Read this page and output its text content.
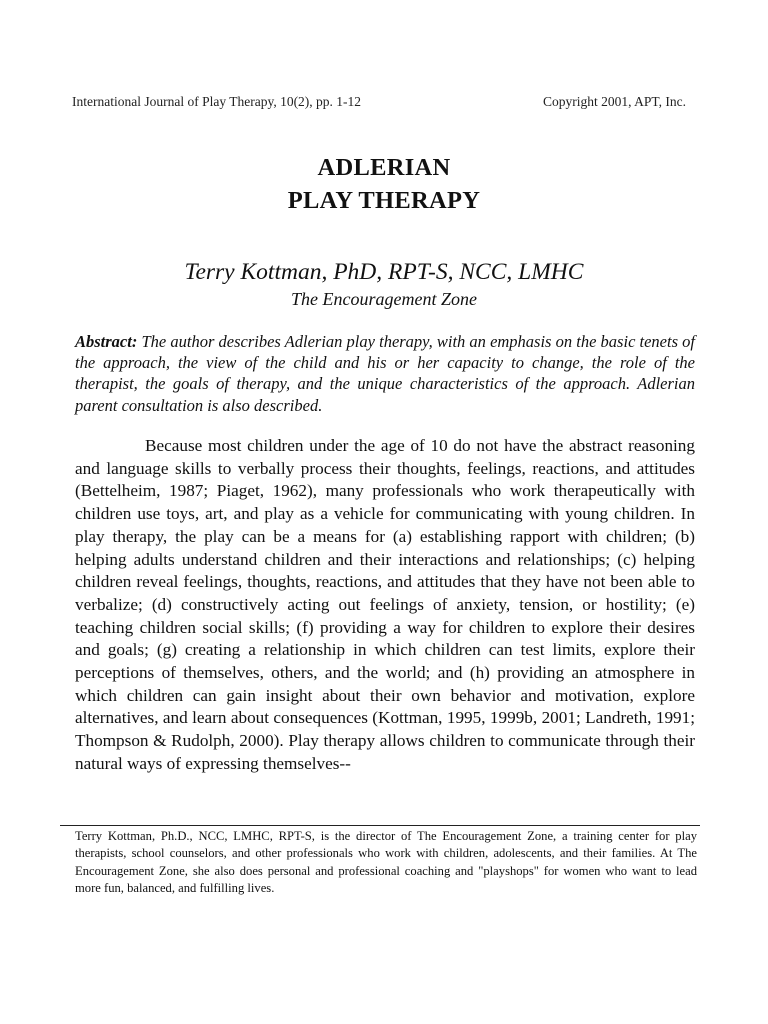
International Journal of Play Therapy, 10(2), pp. 1-12	Copyright 2001, APT, Inc.
ADLERIAN
PLAY THERAPY
Terry Kottman, PhD, RPT-S, NCC, LMHC
The Encouragement Zone

Abstract: The author describes Adlerian play therapy, with an emphasis on the basic tenets of the approach, the view of the child and his or her capacity to change, the role of the therapist, the goals of therapy, and the unique characteristics of the approach. Adlerian parent consultation is also described.

Because most children under the age of 10 do not have the abstract reasoning and language skills to verbally process their thoughts, feelings, reactions, and attitudes (Bettelheim, 1987; Piaget, 1962), many professionals who work therapeutically with children use toys, art, and play as a vehicle for communicating with young children. In play therapy, the play can be a means for (a) establishing rapport with children; (b) helping adults understand children and their interactions and relationships; (c) helping children reveal feelings, thoughts, reactions, and attitudes that they have not been able to verbalize; (d) constructively acting out feelings of anxiety, tension, or hostility; (e) teaching children social skills; (f) providing a way for children to explore their desires and goals; (g) creating a relationship in which children can test limits, explore their perceptions of themselves, others, and the world; and (h) providing an atmosphere in which children can gain insight about their own behavior and motivation, explore alternatives, and learn about consequences (Kottman, 1995, 1999b, 2001; Landreth, 1991; Thompson & Rudolph, 2000). Play therapy allows children to communicate through their natural ways of expressing themselves--

Terry Kottman, Ph.D., NCC, LMHC, RPT-S, is the director of The Encouragement Zone, a training center for play therapists, school counselors, and other professionals who work with children, adolescents, and their families. At The Encouragement Zone, she also does personal and professional coaching and "playshops" for women who want to lead more fun, balanced, and fulfilling lives.
